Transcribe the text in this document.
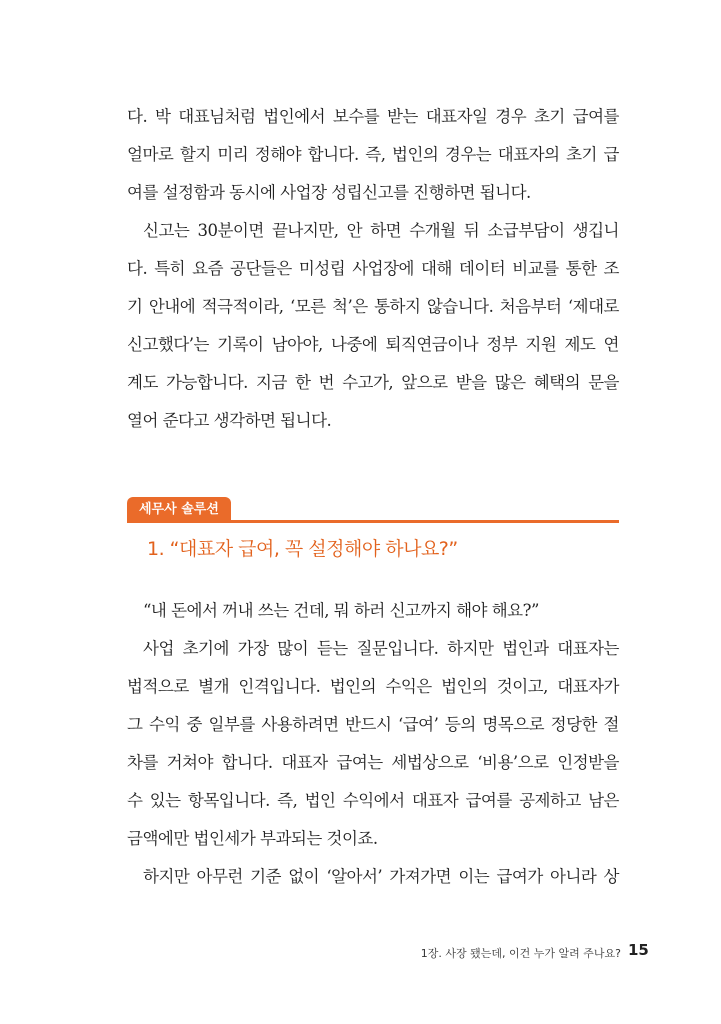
다. 박 대표님처럼 법인에서 보수를 받는 대표자일 경우 초기 급여를
얼마로 할지 미리 정해야 합니다. 즉, 법인의 경우는 대표자의 초기 급
여를 설정함과 동시에 사업장 성립신고를 진행하면 됩니다.
신고는 30분이면 끝나지만, 안 하면 수개월 뒤 소급부담이 생깁니
다. 특히 요즘 공단들은 미성립 사업장에 대해 데이터 비교를 통한 조
기 안내에 적극적이라, ‘모른 척’은 통하지 않습니다. 처음부터 ‘제대로
신고했다’는 기록이 남아야, 나중에 퇴직연금이나 정부 지원 제도 연
계도 가능합니다. 지금 한 번 수고가, 앞으로 받을 많은 혜택의 문을
열어 준다고 생각하면 됩니다.
세무사 솔루션
1. “대표자 급여, 꼭 설정해야 하나요?”
“내 돈에서 꺼내 쓰는 건데, 뭐 하러 신고까지 해야 해요?”
사업 초기에 가장 많이 듣는 질문입니다. 하지만 법인과 대표자는
법적으로 별개 인격입니다. 법인의 수익은 법인의 것이고, 대표자가
그 수익 중 일부를 사용하려면 반드시 ‘급여’ 등의 명목으로 정당한 절
차를 거쳐야 합니다. 대표자 급여는 세법상으로 ‘비용’으로 인정받을
수 있는 항목입니다. 즉, 법인 수익에서 대표자 급여를 공제하고 남은
금액에만 법인세가 부과되는 것이죠.
하지만 아무런 기준 없이 ‘알아서’ 가져가면 이는 급여가 아니라 상
1장. 사장 됐는데, 이건 누가 알려 주나요? 15
